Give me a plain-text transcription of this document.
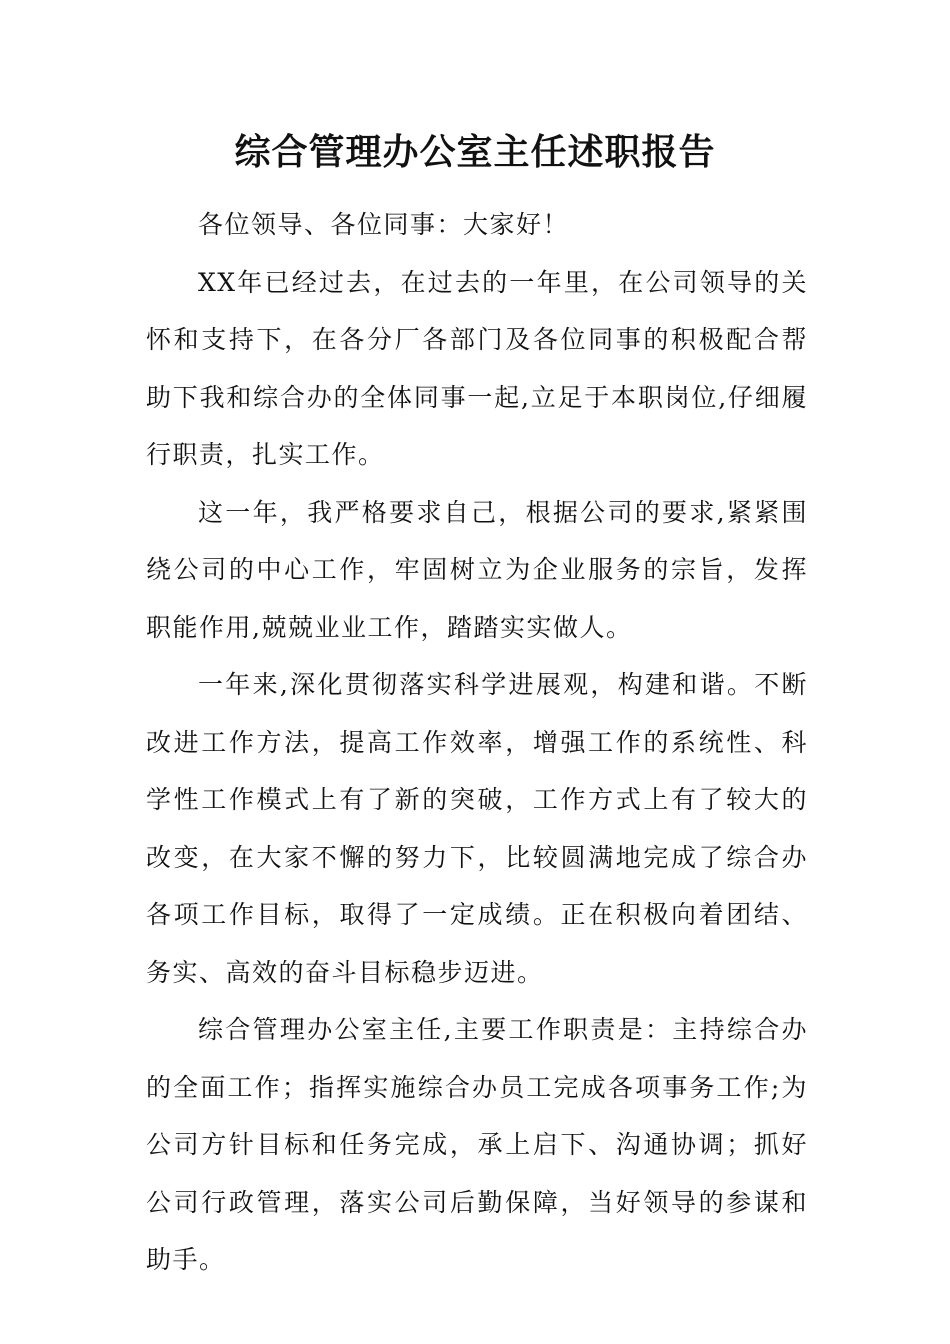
综合管理办公室主任述职报告

各位领导、各位同事：大家好！

XX年已经过去，在过去的一年里，在公司领导的关怀和支持下，在各分厂各部门及各位同事的积极配合帮助下我和综合办的全体同事一起,立足于本职岗位,仔细履行职责，扎实工作。

这一年，我严格要求自己，根据公司的要求,紧紧围绕公司的中心工作，牢固树立为企业服务的宗旨，发挥职能作用,兢兢业业工作，踏踏实实做人。

一年来,深化贯彻落实科学进展观，构建和谐。不断改进工作方法，提高工作效率，增强工作的系统性、科学性工作模式上有了新的突破，工作方式上有了较大的改变，在大家不懈的努力下，比较圆满地完成了综合办各项工作目标，取得了一定成绩。正在积极向着团结、务实、高效的奋斗目标稳步迈进。

综合管理办公室主任,主要工作职责是：主持综合办的全面工作；指挥实施综合办员工完成各项事务工作;为公司方针目标和任务完成，承上启下、沟通协调；抓好公司行政管理，落实公司后勤保障，当好领导的参谋和助手。
